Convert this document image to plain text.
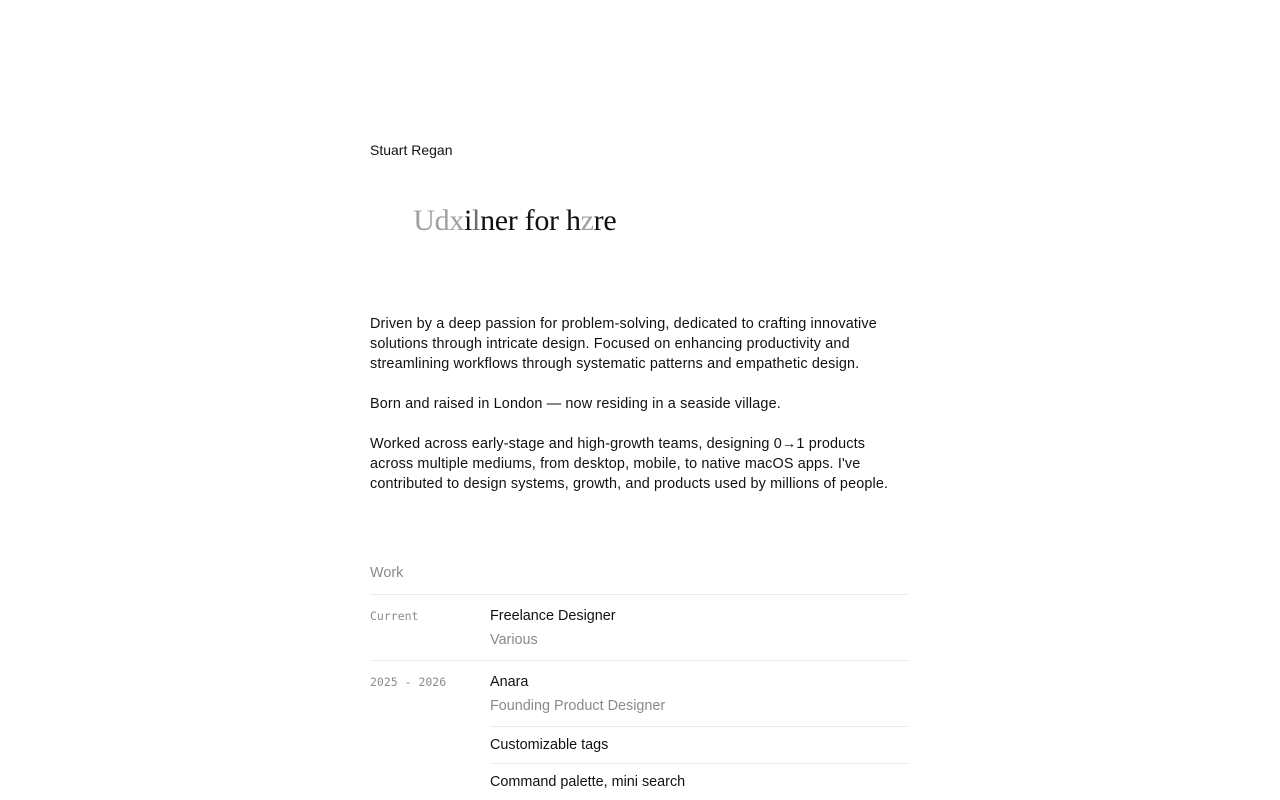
Stuart Regan

Udxilner for hzre

Driven by a deep passion for problem-solving, dedicated to crafting innovative solutions through intricate design. Focused on enhancing productivity and streamlining workflows through systematic patterns and empathetic design.

Born and raised in London — now residing in a seaside village.

Worked across early-stage and high-growth teams, designing 0→1 products across multiple mediums, from desktop, mobile, to native macOS apps. I've contributed to design systems, growth, and products used by millions of people.

Work
Current	Freelance Designer
Various
2025 - 2026	Anara
Founding Product Designer
Customizable tags
Command palette, mini search
